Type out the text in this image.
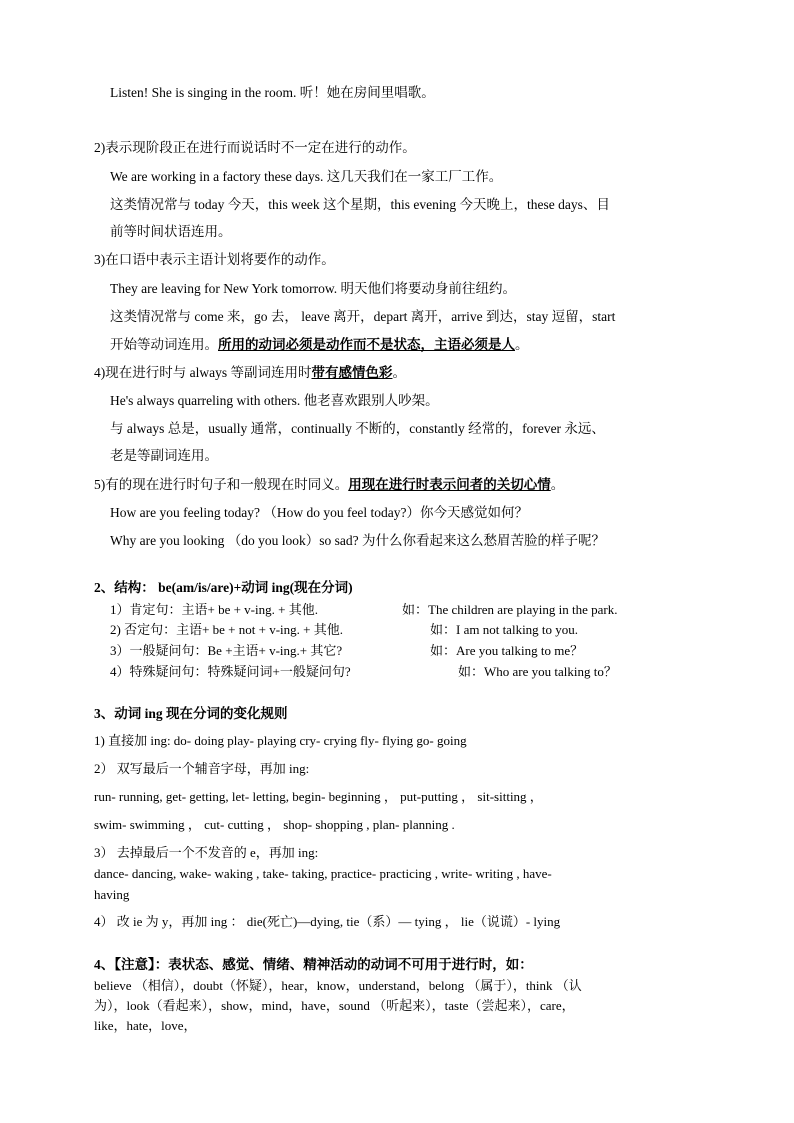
Listen! She is singing in the room. 听！她在房间里唱歌。
2)表示现阶段正在进行而说话时不一定在进行的动作。
We are working in a factory these days. 这几天我们在一家工厂工作。
这类情况常与 today 今天，this week 这个星期，this evening 今天晚上，these days、目
前等时间状语连用。
3)在口语中表示主语计划将要作的动作。
They are leaving for New York tomorrow. 明天他们将要动身前往纽约。
这类情况常与 come 来，go 去， leave 离开，depart 离开，arrive 到达，stay 逗留，start
开始等动词连用。所用的动词必须是动作而不是状态，主语必须是人。
4)现在进行时与 always 等副词连用时带有感情色彩。
He's always quarreling with others. 他老喜欢跟别人吵架。
与 always 总是，usually 通常，continually 不断的，constantly 经常的，forever 永远、
老是等副词连用。
5)有的现在进行时句子和一般现在时同义。用现在进行时表示问者的关切心情。
How are you feeling today? （How do you feel today?）你今天感觉如何？
Why are you looking （do you look）so sad? 为什么你看起来这么愁眉苦脸的样子呢？
2、结构： be(am/is/are)+动词 ing(现在分词)
1）肯定句：主语+ be + v-ing. + 其他.	如：The children are playing in the park.
2) 否定句：主语+ be + not + v-ing. + 其他.	如：I am not talking to you.
3）一般疑问句：Be +主语+ v-ing.+ 其它?	如：Are you talking to me？
4）特殊疑问句：特殊疑问词+一般疑问句?	如：Who are you talking to？
3、动词 ing 现在分词的变化规则
1) 直接加 ing: do- doing play- playing cry- crying fly- flying go- going
2） 双写最后一个辅音字母，再加 ing:
run- running, get- getting, let- letting, begin- beginning ， put-putting ， sit-sitting ，
swim- swimming ， cut- cutting ， shop- shopping , plan- planning .
3） 去掉最后一个不发音的 e，再加 ing:
dance- dancing, wake- waking , take- taking, practice- practicing , write- writing , have-
having
4） 改 ie 为 y，再加 ing ： die(死亡)—dying, tie（系）— tying ， lie（说谎）- lying
4、【注意】：表状态、感觉、情绪、精神活动的动词不可用于进行时，如：
believe （相信），doubt（怀疑），hear，know，understand，belong （属于），think （认
为），look（看起来），show，mind，have，sound （听起来），taste（尝起来），care，
like，hate，love，
